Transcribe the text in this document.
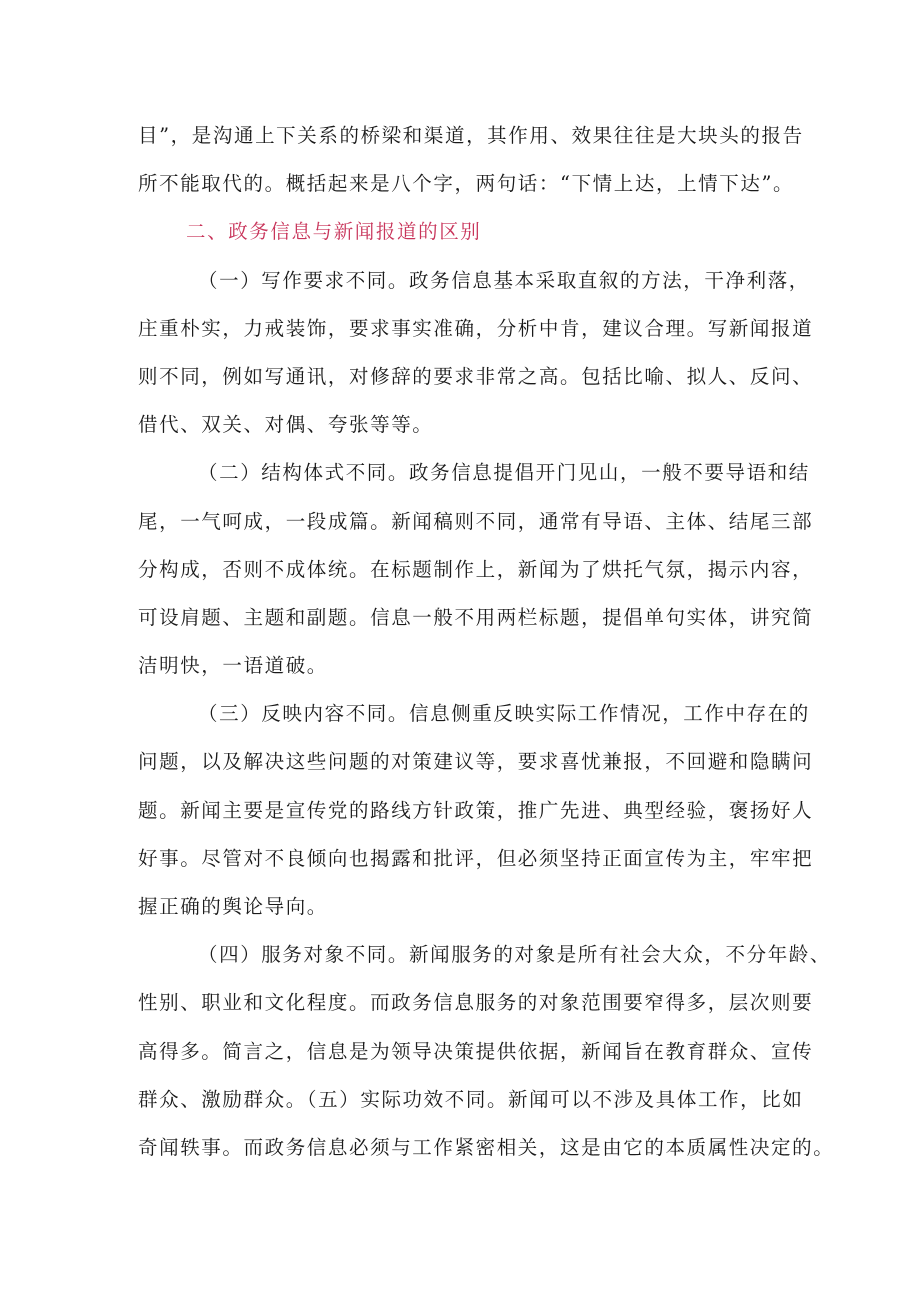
目”，是沟通上下关系的桥梁和渠道，其作用、效果往往是大块头的报告
所不能取代的。概括起来是八个字，两句话：“下情上达，上情下达”。
二、政务信息与新闻报道的区别
（一）写作要求不同。政务信息基本采取直叙的方法，干净利落，
庄重朴实，力戒装饰，要求事实准确，分析中肯，建议合理。写新闻报道
则不同，例如写通讯，对修辞的要求非常之高。包括比喻、拟人、反问、
借代、双关、对偶、夸张等等。
（二）结构体式不同。政务信息提倡开门见山，一般不要导语和结
尾，一气呵成，一段成篇。新闻稿则不同，通常有导语、主体、结尾三部
分构成，否则不成体统。在标题制作上，新闻为了烘托气氛，揭示内容，
可设肩题、主题和副题。信息一般不用两栏标题，提倡单句实体，讲究简
洁明快，一语道破。
（三）反映内容不同。信息侧重反映实际工作情况，工作中存在的
问题，以及解决这些问题的对策建议等，要求喜忧兼报，不回避和隐瞒问
题。新闻主要是宣传党的路线方针政策，推广先进、典型经验，褒扬好人
好事。尽管对不良倾向也揭露和批评，但必须坚持正面宣传为主，牢牢把
握正确的舆论导向。
（四）服务对象不同。新闻服务的对象是所有社会大众，不分年龄、
性别、职业和文化程度。而政务信息服务的对象范围要窄得多，层次则要
高得多。简言之，信息是为领导决策提供依据，新闻旨在教育群众、宣传
群众、激励群众。（五）实际功效不同。新闻可以不涉及具体工作，比如
奇闻轶事。而政务信息必须与工作紧密相关，这是由它的本质属性决定的。
